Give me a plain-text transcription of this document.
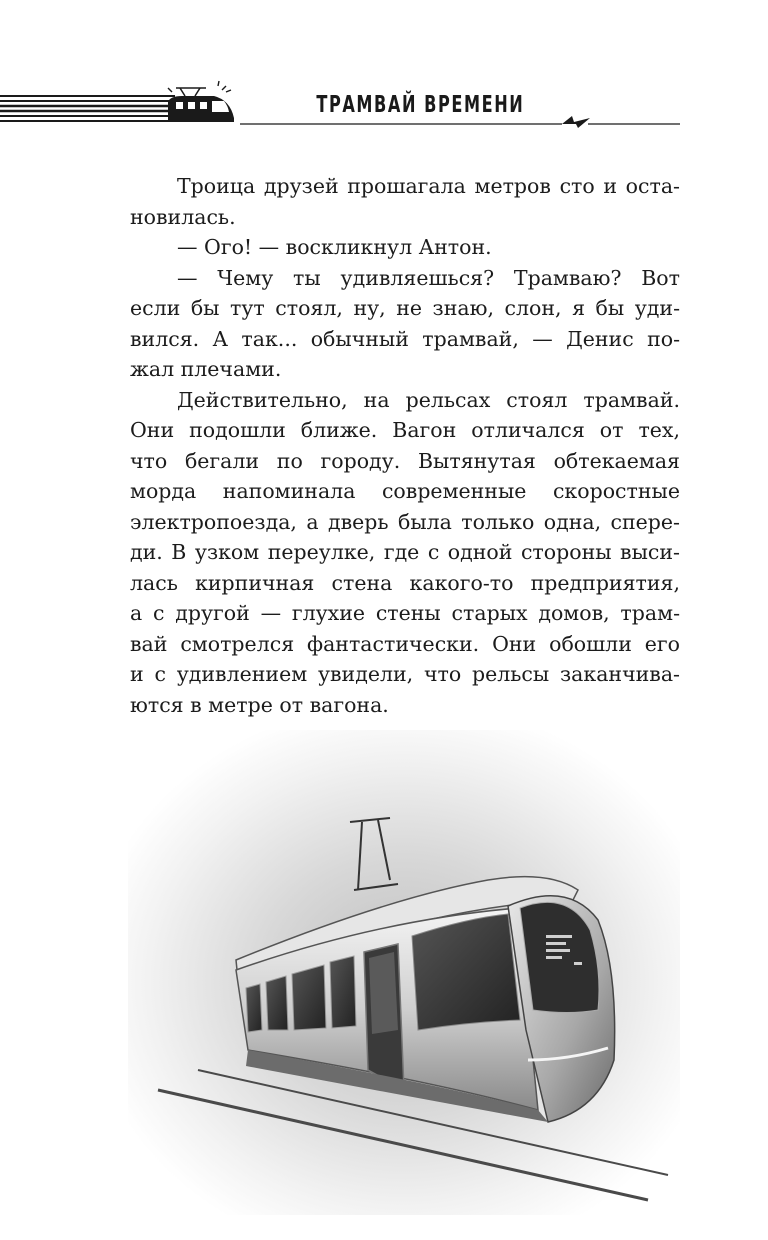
ТРАМВАЙ ВРЕМЕНИ

Троица друзей прошагала метров сто и оста-

новилась.

— Ого! — воскликнул Антон.

— Чему ты удивляешься? Трамваю? Вот

если бы тут стоял, ну, не знаю, слон, я бы уди-

вился. А так... обычный трамвай, — Денис по-

жал плечами.

Действительно, на рельсах стоял трамвай.

Они подошли ближе. Вагон отличался от тех,

что бегали по городу. Вытянутая обтекаемая

морда напоминала современные скоростные

электропоезда, а дверь была только одна, спере-

ди. В узком переулке, где с одной стороны выси-

лась кирпичная стена какого-то предприятия,

а с другой — глухие стены старых домов, трам-

вай смотрелся фантастически. Они обошли его

и с удивлением увидели, что рельсы заканчива-

ются в метре от вагона.
